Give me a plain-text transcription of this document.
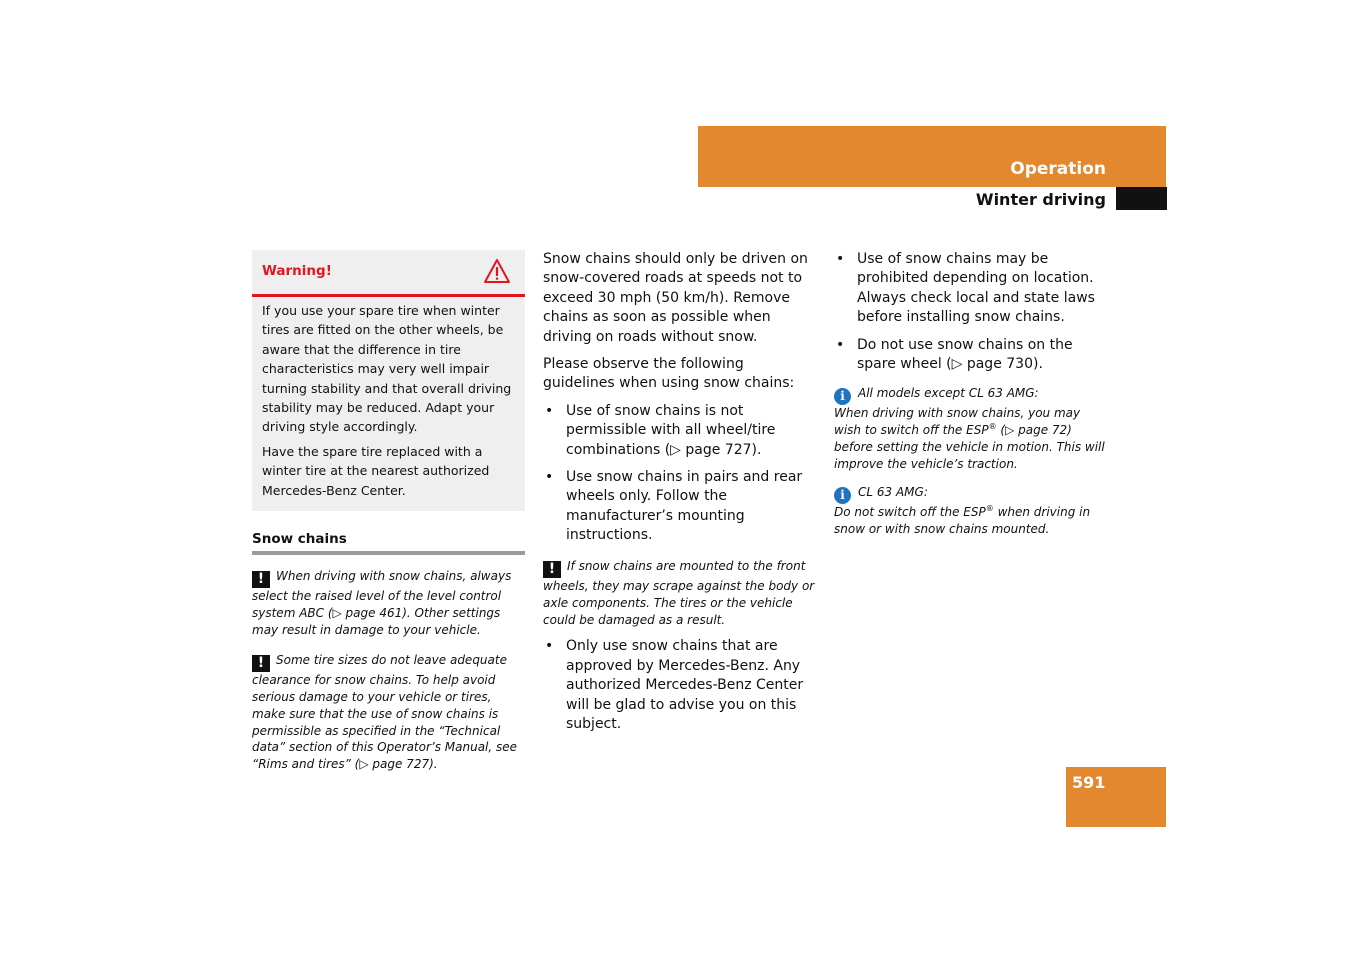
Operation
Winter driving
Warning!

If you use your spare tire when winter tires are fitted on the other wheels, be aware that the difference in tire characteristics may very well impair turning stability and that overall driving stability may be reduced. Adapt your driving style accordingly.

Have the spare tire replaced with a winter tire at the nearest authorized Mercedes-Benz Center.

Snow chains

! When driving with snow chains, always select the raised level of the level control system ABC (▷ page 461). Other settings may result in damage to your vehicle.

! Some tire sizes do not leave adequate clearance for snow chains. To help avoid serious damage to your vehicle or tires, make sure that the use of snow chains is permissible as specified in the “Technical data” section of this Operator’s Manual, see “Rims and tires” (▷ page 727).

Snow chains should only be driven on snow-covered roads at speeds not to exceed 30 mph (50 km/h). Remove chains as soon as possible when driving on roads without snow.

Please observe the following guidelines when using snow chains:

• Use of snow chains is not permissible with all wheel/tire combinations (▷ page 727).
• Use snow chains in pairs and rear wheels only. Follow the manufacturer’s mounting instructions.

! If snow chains are mounted to the front wheels, they may scrape against the body or axle components. The tires or the vehicle could be damaged as a result.

• Only use snow chains that are approved by Mercedes-Benz. Any authorized Mercedes-Benz Center will be glad to advise you on this subject.
• Use of snow chains may be prohibited depending on location. Always check local and state laws before installing snow chains.
• Do not use snow chains on the spare wheel (▷ page 730).

i All models except CL 63 AMG:
When driving with snow chains, you may wish to switch off the ESP® (▷ page 72) before setting the vehicle in motion. This will improve the vehicle’s traction.

i CL 63 AMG:
Do not switch off the ESP® when driving in snow or with snow chains mounted.

591
